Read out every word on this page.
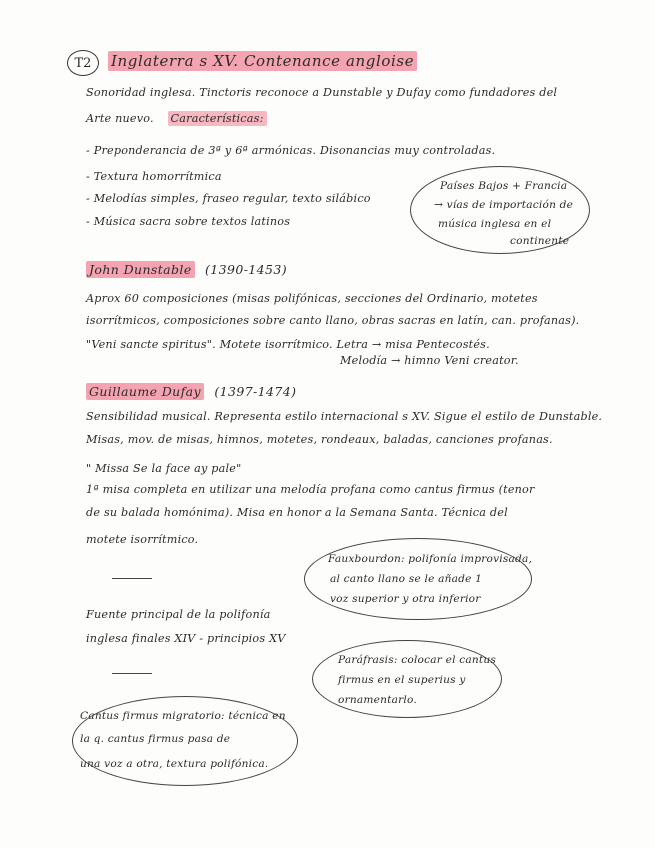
T2	Inglaterra s XV. Contenance angloise
Sonoridad inglesa. Tinctoris reconoce a Dunstable y Dufay como fundadores del
Arte nuevo. Características:
- Preponderancia de 3ª y 6ª armónicas. Disonancias muy controladas.
- Textura homorrítmica
- Melodías simples, fraseo regular, texto silábico
- Música sacra sobre textos latinos
Países Bajos + Francia
→ vías de importación de
música inglesa en el
continente
John Dunstable (1390-1453)
Aprox 60 composiciones (misas polifónicas, secciones del Ordinario, motetes
isorrítmicos, composiciones sobre canto llano, obras sacras en latín, can. profanas).
"Veni sancte spiritus". Motete isorrítmico. Letra → misa Pentecostés.
Melodía → himno Veni creator.
Guillaume Dufay (1397-1474)
Sensibilidad musical. Representa estilo internacional s XV. Sigue el estilo de Dunstable.
Misas, mov. de misas, himnos, motetes, rondeaux, baladas, canciones profanas.
" Missa Se la face ay pale"
1ª misa completa en utilizar una melodía profana como cantus firmus (tenor
de su balada homónima). Misa en honor a la Semana Santa. Técnica del
motete isorrítmico.
Fauxbourdon: polifonía improvisada,
al canto llano se le añade 1
voz superior y otra inferior
Fuente principal de la polifonía
inglesa finales XIV - principios XV
Paráfrasis: colocar el cantus
firmus en el superius y
ornamentarlo.
Cantus firmus migratorio: técnica en
la q. cantus firmus pasa de
una voz a otra, textura polifónica.
